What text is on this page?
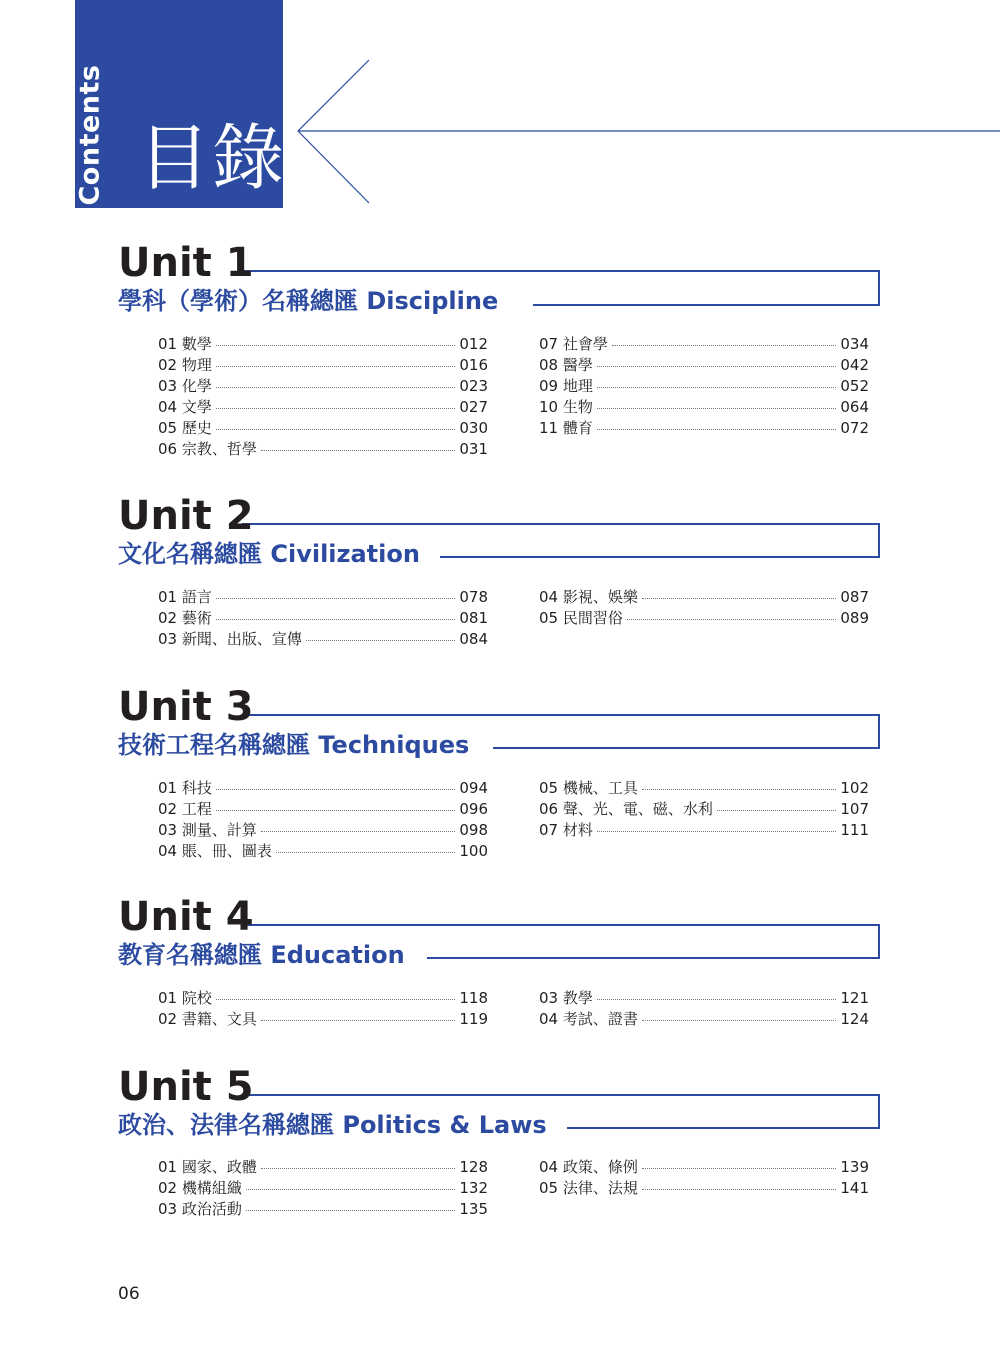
Contents 目錄
Unit 1
學科（學術）名稱總匯 Discipline
01 數學	012
02 物理	016
03 化學	023
04 文學	027
05 歷史	030
06 宗教、哲學	031
07 社會學	034
08 醫學	042
09 地理	052
10 生物	064
11 體育	072
Unit 2
文化名稱總匯 Civilization
01 語言	078
02 藝術	081
03 新聞、出版、宣傳	084
04 影視、娛樂	087
05 民間習俗	089
Unit 3
技術工程名稱總匯 Techniques
01 科技	094
02 工程	096
03 測量、計算	098
04 賬、冊、圖表	100
05 機械、工具	102
06 聲、光、電、磁、水利	107
07 材料	111
Unit 4
教育名稱總匯 Education
01 院校	118
02 書籍、文具	119
03 教學	121
04 考試、證書	124
Unit 5
政治、法律名稱總匯 Politics & Laws
01 國家、政體	128
02 機構組織	132
03 政治活動	135
04 政策、條例	139
05 法律、法規	141
06
